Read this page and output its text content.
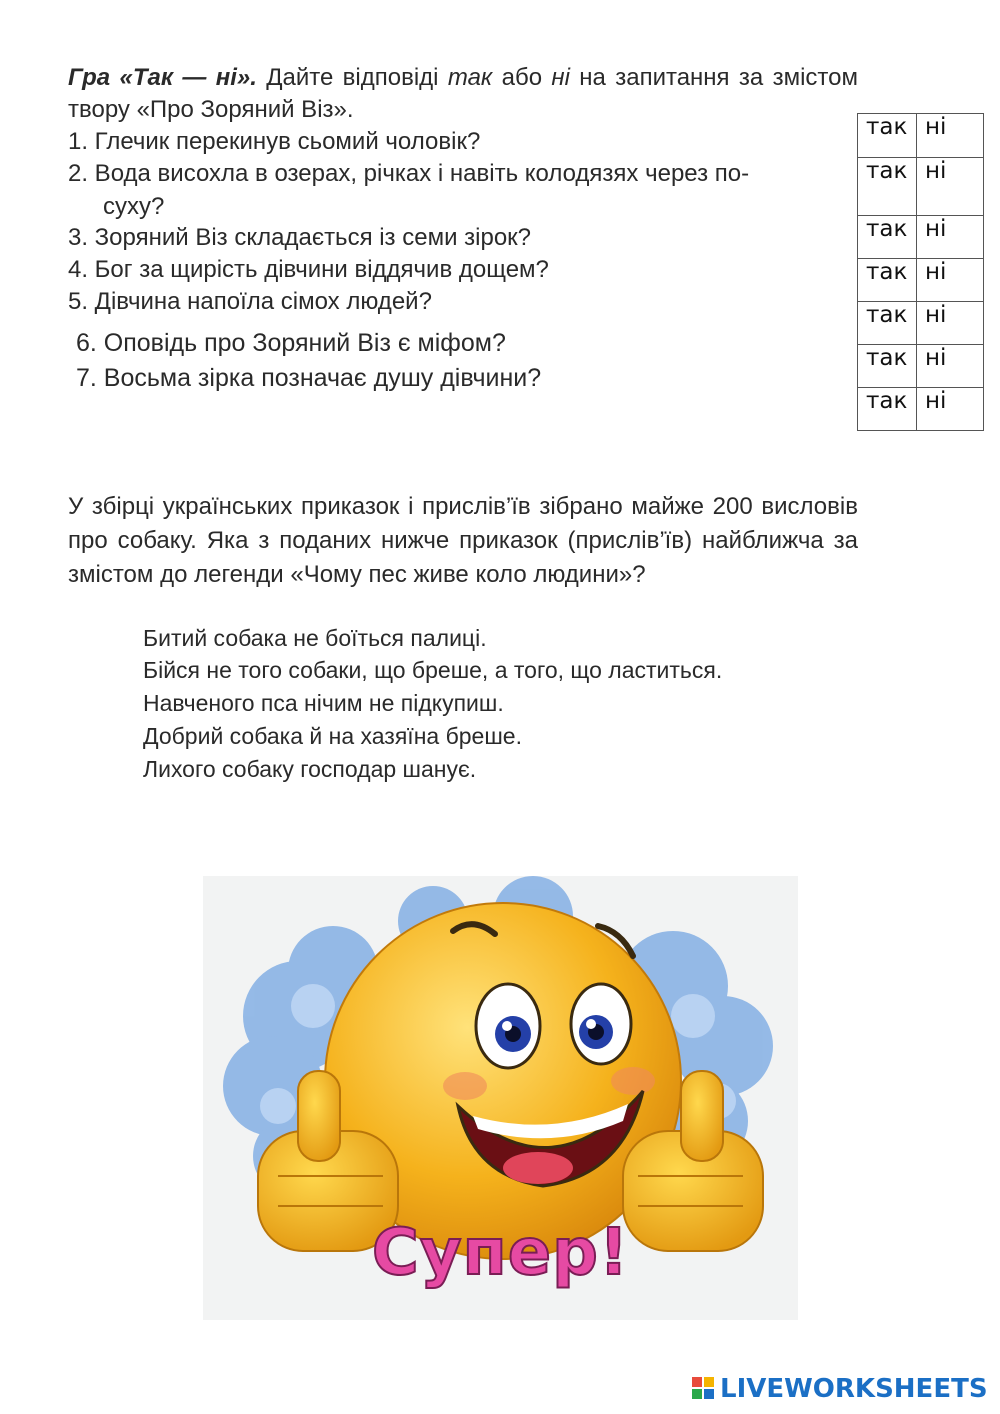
Гра «Так — ні». Дайте відповіді так або ні на запитання за змістом твору «Про Зоряний Віз».
1. Глечик перекинув сьомий чоловік?
2. Вода висохла в озерах, річках і навіть колодязях через по-
суху?
3. Зоряний Віз складається із семи зірок?
4. Бог за щирість дівчини віддячив дощем?
5. Дівчина напоїла сімох людей?
6. Оповідь про Зоряний Віз є міфом?
7. Восьма зірка позначає душу дівчини?
так	ні
так	ні
так	ні
так	ні
так	ні
так	ні
так	ні
У збірці українських приказок і прислів’їв зібрано майже 200 висловів про собаку. Яка з поданих нижче приказок (прислів’їв) найближча за змістом до легенди «Чому пес живе коло людини»?
Битий собака не боїться палиці.
Бійся не того собаки, що бреше, а того, що ластиться.
Навченого пса нічим не підкупиш.
Добрий собака й на хазяїна бреше.
Лихого собаку господар шанує.
Супер!
LIVEWORKSHEETS
